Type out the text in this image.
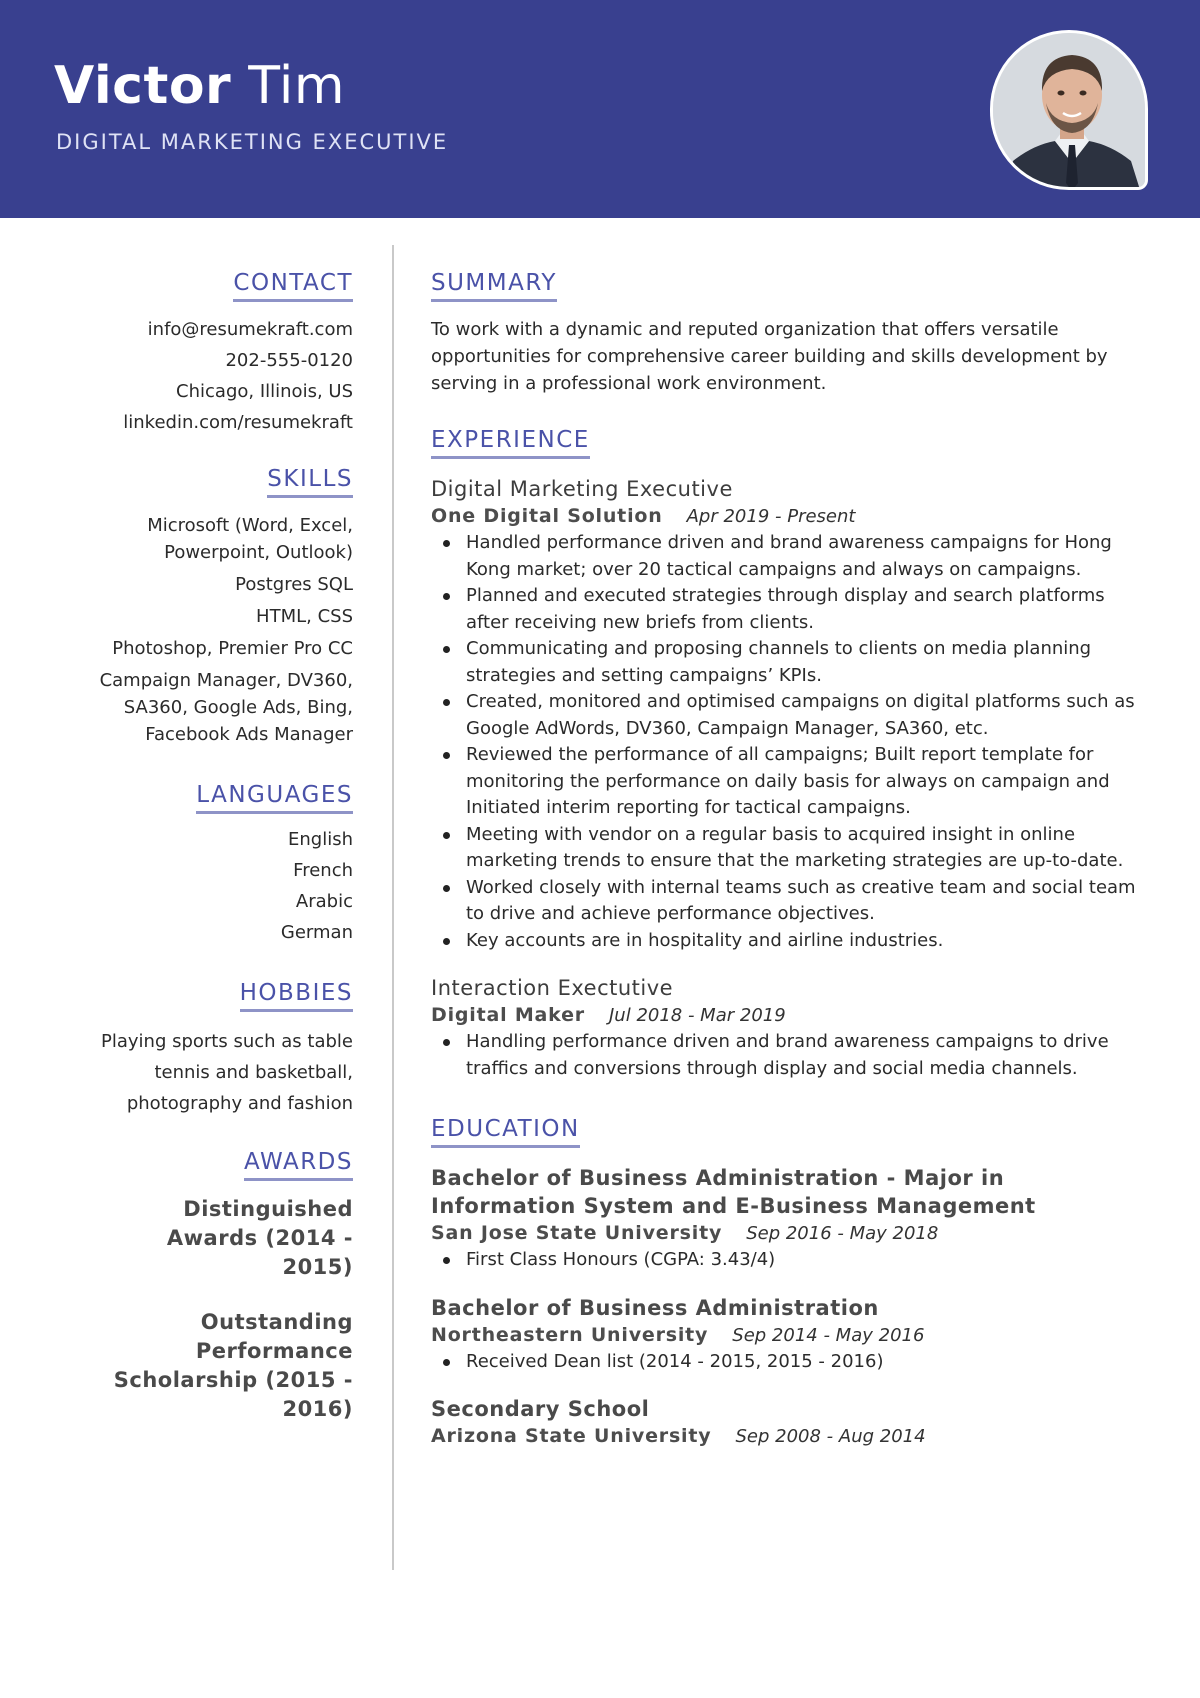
Victor Tim
DIGITAL MARKETING EXECUTIVE
CONTACT
info@resumekraft.com
202-555-0120
Chicago, Illinois, US
linkedin.com/resumekraft
SKILLS
Microsoft (Word, Excel, Powerpoint, Outlook)
Postgres SQL
HTML, CSS
Photoshop, Premier Pro CC
Campaign Manager, DV360, SA360, Google Ads, Bing, Facebook Ads Manager
LANGUAGES
English
French
Arabic
German
HOBBIES
Playing sports such as table tennis and basketball, photography and fashion
AWARDS
Distinguished Awards (2014 - 2015)
Outstanding Performance Scholarship (2015 - 2016)
SUMMARY

To work with a dynamic and reputed organization that offers versatile opportunities for comprehensive career building and skills development by serving in a professional work environment.

EXPERIENCE
Digital Marketing Executive
One Digital Solution Apr 2019 - Present
Handled performance driven and brand awareness campaigns for Hong Kong market; over 20 tactical campaigns and always on campaigns.
Planned and executed strategies through display and search platforms after receiving new briefs from clients.
Communicating and proposing channels to clients on media planning strategies and setting campaigns’ KPIs.
Created, monitored and optimised campaigns on digital platforms such as Google AdWords, DV360, Campaign Manager, SA360, etc.
Reviewed the performance of all campaigns; Built report template for monitoring the performance on daily basis for always on campaign and Initiated interim reporting for tactical campaigns.
Meeting with vendor on a regular basis to acquired insight in online marketing trends to ensure that the marketing strategies are up-to-date.
Worked closely with internal teams such as creative team and social team to drive and achieve performance objectives.
Key accounts are in hospitality and airline industries.
Interaction Exectutive
Digital Maker Jul 2018 - Mar 2019
Handling performance driven and brand awareness campaigns to drive traffics and conversions through display and social media channels.
EDUCATION
Bachelor of Business Administration - Major in Information System and E-Business Management
San Jose State University Sep 2016 - May 2018
First Class Honours (CGPA: 3.43/4)
Bachelor of Business Administration
Northeastern University Sep 2014 - May 2016
Received Dean list (2014 - 2015, 2015 - 2016)
Secondary School
Arizona State University Sep 2008 - Aug 2014
